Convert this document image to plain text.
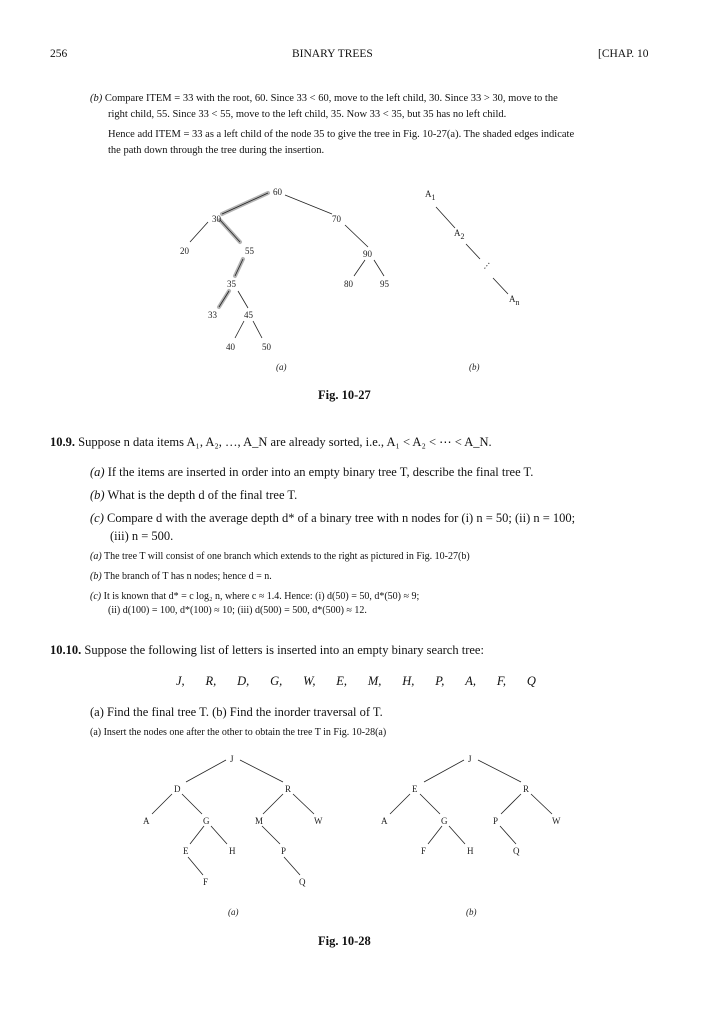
256	BINARY TREES	[CHAP. 10
(b) Compare ITEM = 33 with the root, 60. Since 33 < 60, move to the left child, 30. Since 33 > 30, move to the
right child, 55. Since 33 < 55, move to the left child, 35. Now 33 < 35, but 35 has no left child.
Hence add ITEM = 33 as a left child of the node 35 to give the tree in Fig. 10-27(a). The shaded edges indicate
the path down through the tree during the insertion.
60
30	70
20	55	90
35	80	95
33	45
40	50
(a)
A1
A2
⋮
An
(b)
Fig. 10-27
10.9. Suppose n data items A₁, A₂, …, A_N are already sorted, i.e., A₁ < A₂ < ⋯ < A_N.
(a) If the items are inserted in order into an empty binary tree T, describe the final tree T.
(b) What is the depth d of the final tree T.
(c) Compare d with the average depth d* of a binary tree with n nodes for (i) n = 50; (ii) n = 100;
(iii) n = 500.
(a) The tree T will consist of one branch which extends to the right as pictured in Fig. 10-27(b)
(b) The branch of T has n nodes; hence d = n.
(c) It is known that d* = c log₂ n, where c ≈ 1.4. Hence: (i) d(50) = 50, d*(50) ≈ 9;
(ii) d(100) = 100, d*(100) ≈ 10; (iii) d(500) = 500, d*(500) ≈ 12.
10.10. Suppose the following list of letters is inserted into an empty binary search tree:
J, R, D, G, W, E, M, H, P, A, F, Q
(a) Find the final tree T. (b) Find the inorder traversal of T.
(a) Insert the nodes one after the other to obtain the tree T in Fig. 10-28(a)
J
D	R
A	G	M	W
E	H	P
F	Q
(a)
J
E	R
A	G	P	W
F	H	Q
(b)
Fig. 10-28
